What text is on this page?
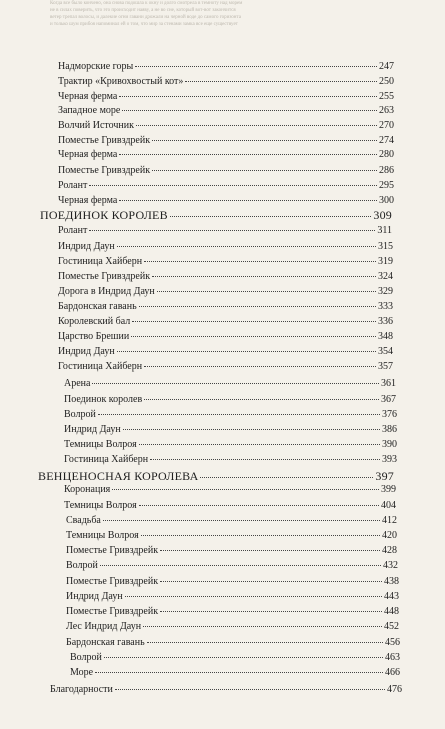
Когда все было кончено, она снова подошла к окну и долго смотрела в темноту над морем
не в силах поверить, что это происходит наяву, а не во сне, который вот-вот закончится
ветер трепал волосы, и далекие огни гавани дрожали на черной воде до самого горизонта
и только шум прибоя напоминал ей о том, что мир за стенами замка все еще существует
Надморские горы	247
Трактир «Кривохвостый кот»	250
Черная ферма	255
Западное море	263
Волчий Источник	270
Поместье Гривздрейк	274
Черная ферма	280
Поместье Гривздрейк	286
Ролант	295
Черная ферма	300
ПОЕДИНОК КОРОЛЕВ	309
Ролант	311
Индрид Даун	315
Гостиница Хайберн	319
Поместье Гривздрейк	324
Дорога в Индрид Даун	329
Бардонская гавань	333
Королевский бал	336
Царство Брешии	348
Индрид Даун	354
Гостиница Хайберн	357
Арена	361
Поединок королев	367
Волрой	376
Индрид Даун	386
Темницы Волроя	390
Гостиница Хайберн	393
ВЕНЦЕНОСНАЯ КОРОЛЕВА	397
Коронация	399
Темницы Волроя	404
Свадьба	412
Темницы Волроя	420
Поместье Гривздрейк	428
Волрой	432
Поместье Гривздрейк	438
Индрид Даун	443
Поместье Гривздрейк	448
Лес Индрид Даун	452
Бардонская гавань	456
Волрой	463
Море	466
Благодарности	476
